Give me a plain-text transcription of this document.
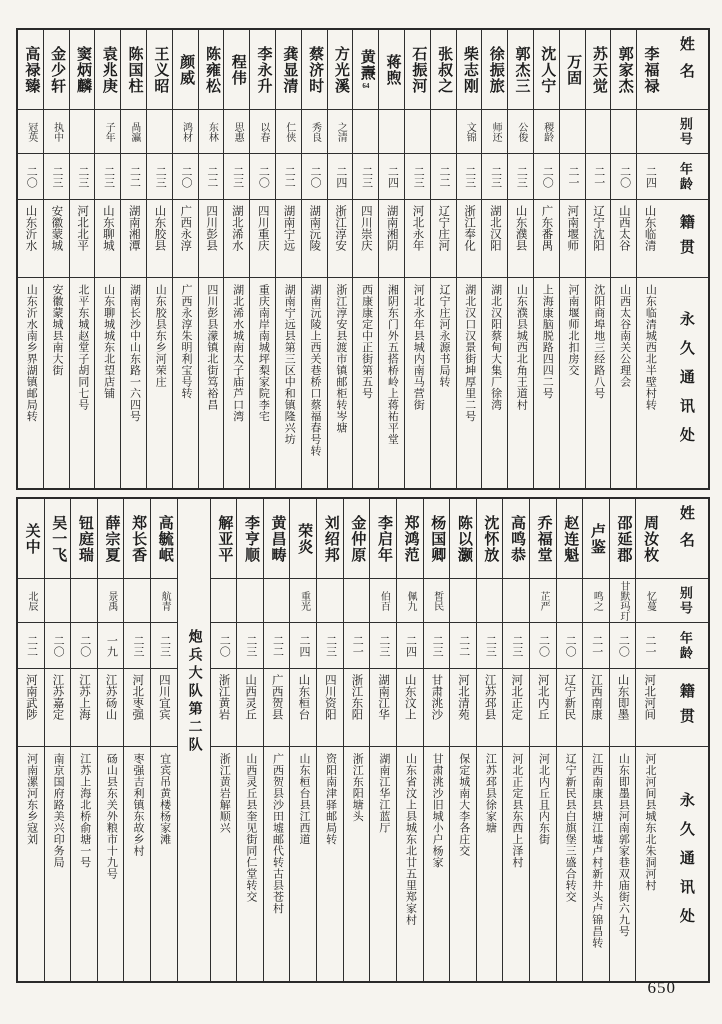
姓名
别号
年龄
籍贯
永久通讯处
李福禄
二四
山东临清
山东临清城西北半壁村转
郭家杰
二〇
山西太谷
山西太谷南关公理会
苏天觉
二一
辽宁沈阳
沈阳商埠地三经路八号
万固
二一
河南堰师
河南堰师北扣房交
沈人宁
稷龄
二〇
广东番禺
上海康脑脱路四四二号
郭杰三
公俊
二三
山东濮县
山东濮县城西北角王道村
徐振旅
师还
二三
湖北汉阳
湖北汉阳蔡甸大集厂徐湾
柴志刚
文锦
二三
浙江奉化
湖北汉口汉景街坤厚里二号
张叔之
二二
辽宁庄河
辽宁庄河永源书局转
石振河
二三
河北永年
河北永年县城内南马营街
蒋煦
二四
湖南湘阴
湘阴东门外五搭桥岭上蒋祐平堂
黄燾
64
二三
四川崇庆
西康康定中正街第五号
方光溪
之清
二四
浙江淳安
浙江淳安县渡市镇邮柜转岑塘
蔡济时
秀良
二〇
湖南沅陵
湖南沅陵上西关巷桥口蔡福春号转
龚显清
仁侠
二二
湖南宁远
湖南宁远县第三区中和镇隆兴坊
李永升
以春
二〇
四川重庆
重庆南岸南城坪梨家院李宅
程伟
思惠
二三
湖北浠水
湖北浠水城南太子庙芦口湾
陈雍松
东林
二二
四川彭县
四川彭县濛镇北街笃裕昌
颜威
鸿材
二〇
广西永淳
广西永淳朱明利宝号转
王义昭
二三
山东胶县
山东胶县东乡河荣庄
陈国柱
咼瀛
二二
湖南湘潭
湖南长沙中山东路一六四号
袁兆庚
子年
二三
山东聊城
山东聊城城东北望店铺
窦炳麟
二三
河北北平
北平东城赵堂子胡同七号
金少轩
执中
二三
安徽蒙城
安徽蒙城县南大街
高禄臻
冠英
二〇
山东沂水
山东沂水南乡界湖镇邮局转
姓名
别号
年龄
籍贯
永久通讯处
周汝枚
忆蔓
二一
河北河间
河北河间县城东北朱洞河村
邵延郡
甘默玛玎
二〇
山东即墨
山东即墨县河南郭家巷双庙街六九号
卢鉴
鸣之
二一
江西南康
江西南康县塘江墟卢村新井头卢锦昌转
赵连魁
二〇
辽宁新民
辽宁新民县白旗堡三盛合转交
乔福堂
芷严
二〇
河北内丘
河北内丘且内东街
高鸣恭
二三
河北正定
河北正定县东西上泽村
沈怀放
二三
江苏邳县
江苏邳县徐家塘
陈以灏
二二
河北清苑
保定城南大李各庄交
杨国卿
皙民
二三
甘肃洮沙
甘肃洮沙旧城小户杨家
郑鸿范
佩九
二四
山东汶上
山东省汶上县城东北廿五里郑家村
李启年
伯百
二三
湖南江华
湖南江华江蓝厅
金仲原
二一
浙江东阳
浙江东阳塘头
刘绍邦
二三
四川资阳
资阳南津驿邮局转
荣炎
重光
二四
山东桓台
山东桓台县江西道
黄昌畴
二二
广西贺县
广西贺县沙田墟邮代转古县苍村
李亨顺
二三
山西灵丘
山西灵丘县奎见街同仁堂转交
解亚平
二〇
浙江黄岩
浙江黄岩解顺兴
炮兵大队第二队
高毓岷
航青
二三
四川宜宾
宜宾吊黄楼杨家滩
郑长香
二三
河北枣强
枣强吉利镇东故乡村
薛宗夏
景禹
一九
江苏砀山
砀山县东关外粮市十九号
钮庭瑞
二〇
江苏上海
江苏上海北桥俞塘一号
吴一飞
二〇
江苏嘉定
南京国府路美兴印务局
关中
北辰
二二
河南武陟
河南漯河东乡寇刘
650
